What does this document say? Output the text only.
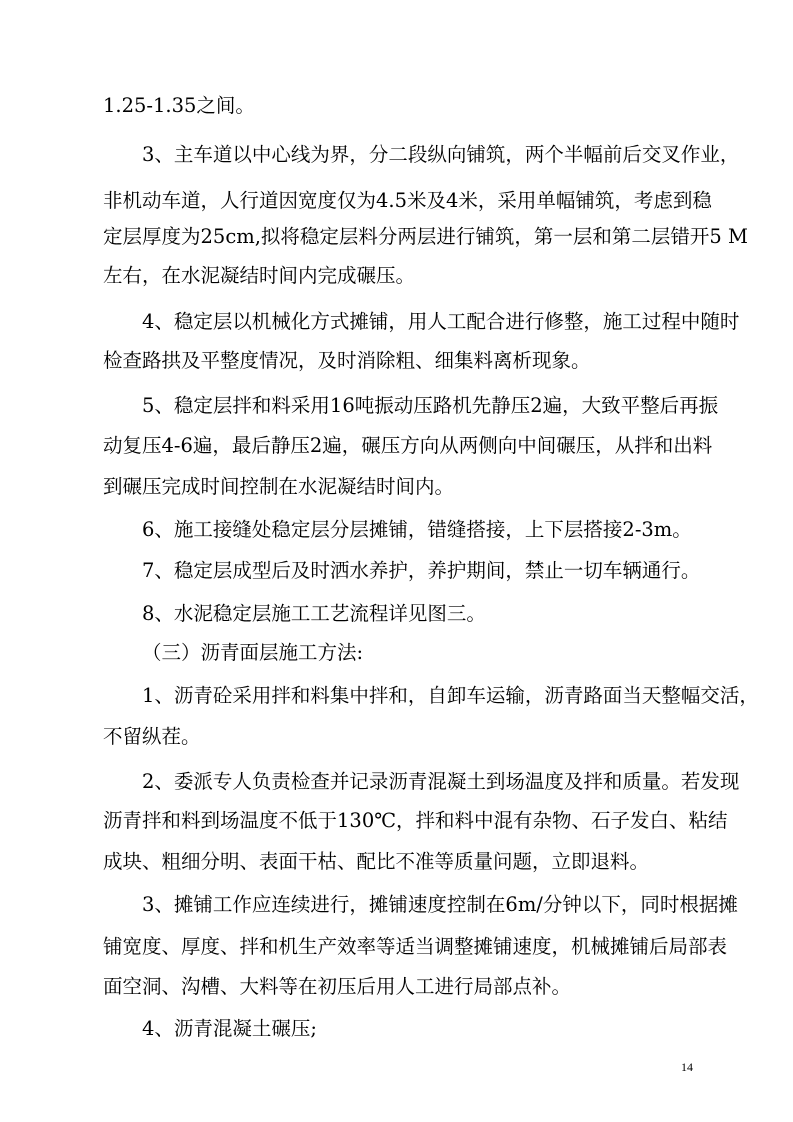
1.25-1.35之间。
3、主车道以中心线为界，分二段纵向铺筑，两个半幅前后交叉作业，
非机动车道，人行道因宽度仅为4.5米及4米，采用单幅铺筑，考虑到稳
定层厚度为25cm,拟将稳定层料分两层进行铺筑，第一层和第二层错开5 M
左右，在水泥凝结时间内完成碾压。
4、稳定层以机械化方式摊铺，用人工配合进行修整，施工过程中随时
检查路拱及平整度情况，及时消除粗、细集料离析现象。
5、稳定层拌和料采用16吨振动压路机先静压2遍，大致平整后再振
动复压4-6遍，最后静压2遍，碾压方向从两侧向中间碾压，从拌和出料
到碾压完成时间控制在水泥凝结时间内。
6、施工接缝处稳定层分层摊铺，错缝搭接，上下层搭接2-3m。
7、稳定层成型后及时洒水养护，养护期间，禁止一切车辆通行。
8、水泥稳定层施工工艺流程详见图三。
（三）沥青面层施工方法:
1、沥青砼采用拌和料集中拌和，自卸车运输，沥青路面当天整幅交活，
不留纵茬。
2、委派专人负责检查并记录沥青混凝土到场温度及拌和质量。若发现
沥青拌和料到场温度不低于130℃，拌和料中混有杂物、石子发白、粘结
成块、粗细分明、表面干枯、配比不准等质量问题，立即退料。
3、摊铺工作应连续进行，摊铺速度控制在6m/分钟以下，同时根据摊
铺宽度、厚度、拌和机生产效率等适当调整摊铺速度，机械摊铺后局部表
面空洞、沟槽、大料等在初压后用人工进行局部点补。
4、沥青混凝土碾压;
14
